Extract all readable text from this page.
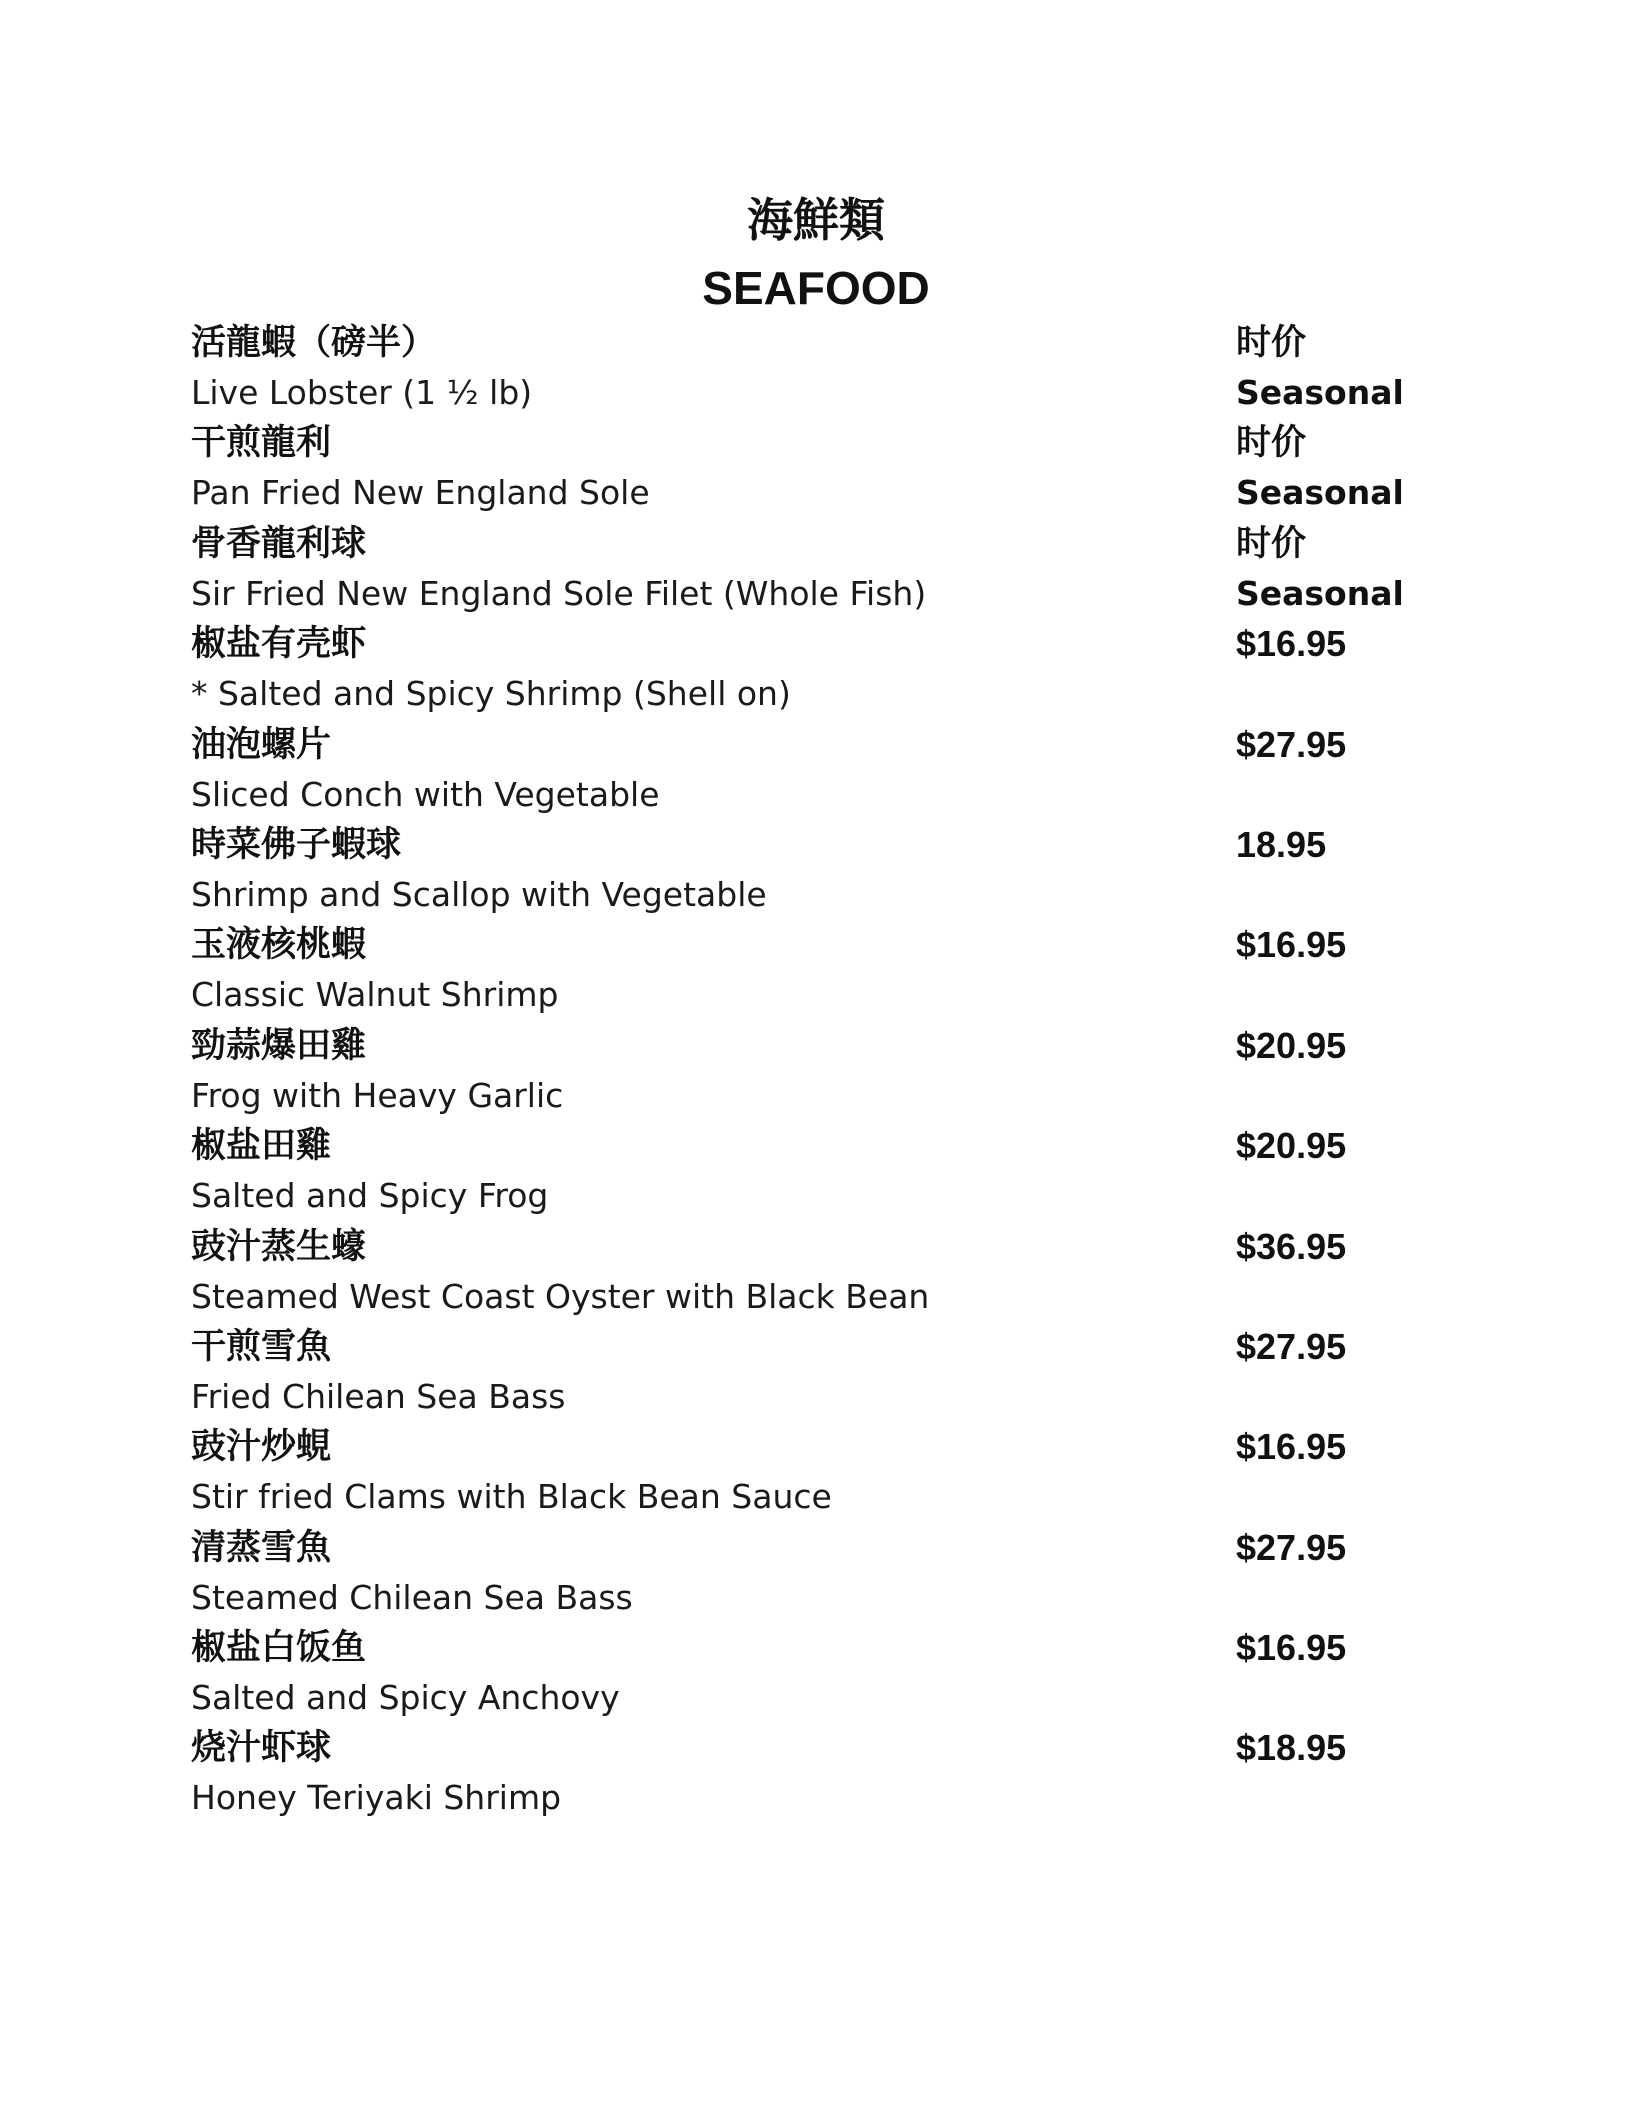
海鮮類
SEAFOOD
活龍蝦（磅半）
Live Lobster (1 ½ lb)
时价
Seasonal
干煎龍利
Pan Fried New England Sole
时价
Seasonal
骨香龍利球
Sir Fried New England Sole Filet (Whole Fish)
时价
Seasonal
椒盐有壳虾
* Salted and Spicy Shrimp (Shell on)
$16.95
油泡螺片
Sliced Conch with Vegetable
$27.95
時菜佛子蝦球
Shrimp and Scallop with Vegetable
18.95
玉液核桃蝦
Classic Walnut Shrimp
$16.95
勁蒜爆田雞
Frog with Heavy Garlic
$20.95
椒盐田雞
Salted and Spicy Frog
$20.95
豉汁蒸生蠔
Steamed West Coast Oyster with Black Bean
$36.95
干煎雪魚
Fried Chilean Sea Bass
$27.95
豉汁炒蜆
Stir fried Clams with Black Bean Sauce
$16.95
清蒸雪魚
Steamed Chilean Sea Bass
$27.95
椒盐白饭鱼
Salted and Spicy Anchovy
$16.95
烧汁虾球
Honey Teriyaki Shrimp
$18.95
